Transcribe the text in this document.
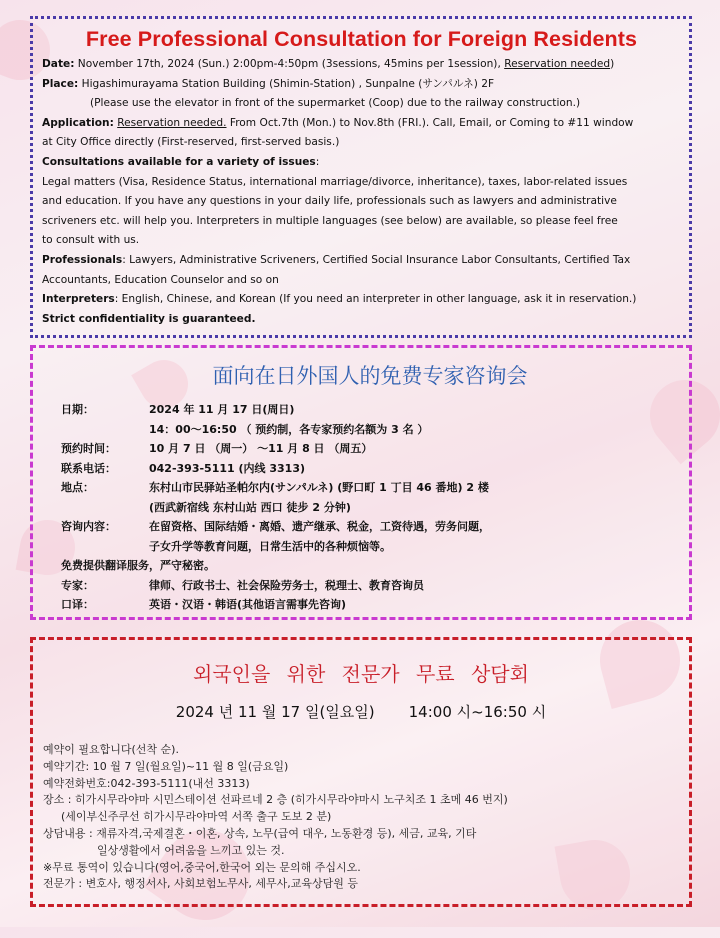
Free Professional Consultation for Foreign Residents
Date: November 17th, 2024 (Sun.) 2:00pm-4:50pm (3sessions, 45mins per 1session), Reservation needed)
Place: Higashimurayama Station Building (Shimin-Station) , Sunpalne (サンパルネ) 2F
(Please use the elevator in front of the supermarket (Coop) due to the railway construction.)
Application: Reservation needed. From Oct.7th (Mon.) to Nov.8th (FRI.). Call, Email, or Coming to #11 window
at City Office directly (First-reserved, first-served basis.)
Consultations available for a variety of issues:
Legal matters (Visa, Residence Status, international marriage/divorce, inheritance), taxes, labor-related issues
and education. If you have any questions in your daily life, professionals such as lawyers and administrative
scriveners etc. will help you. Interpreters in multiple languages (see below) are available, so please feel free
to consult with us.
Professionals: Lawyers, Administrative Scriveners, Certified Social Insurance Labor Consultants, Certified Tax
Accountants, Education Counselor and so on
Interpreters: English, Chinese, and Korean (If you need an interpreter in other language, ask it in reservation.)
Strict confidentiality is guaranteed.
面向在日外国人的免费专家咨询会
日期：	2024 年 11 月 17 日(周日)
14：00～16:50 （ 预约制，各专家预约名额为 3 名 ）
预约时间：	10 月 7 日 （周一） ～11 月 8 日 （周五）
联系电话：	042-393-5111 (内线 3313)
地点：	东村山市民驿站圣帕尔内(サンパルネ) (野口町 1 丁目 46 番地) 2 楼
(西武新宿线 东村山站 西口 徒步 2 分钟)
咨询内容：	在留资格、国际结婚・离婚、遗产继承、税金，工资待遇，劳务问题，
子女升学等教育问题，日常生活中的各种烦恼等。
免费提供翻译服务，严守秘密。
专家：	律师、行政书士、社会保险劳务士，税理士、教育咨询员
口译：	英语・汉语・韩语(其他语言需事先咨询)
외국인을 위한 전문가 무료 상담회
2024 년 11 월 17 일(일요일) 14:00 시~16:50 시
예약이 필요합니다(선착 순).
예약기간: 10 월 7 일(월요일)~11 월 8 일(금요일)
예약전화번호:042-393-5111(내선 3313)
장소 : 히가시무라야마 시민스테이션 선파르네 2 층 (히가시무라야마시 노구치조 1 초메 46 번지)
(세이부신주쿠선 히가시무라야마역 서쪽 출구 도보 2 분)
상담내용 : 재류자격,국제결혼・이혼, 상속, 노무(급여 대우, 노동환경 등), 세금, 교육, 기타
일상생활에서 어려움을 느끼고 있는 것.
※무료 통역이 있습니다(영어,중국어,한국어 외는 문의해 주십시오.
전문가 : 변호사, 행정서사, 사회보험노무사, 세무사,교육상담원 등
